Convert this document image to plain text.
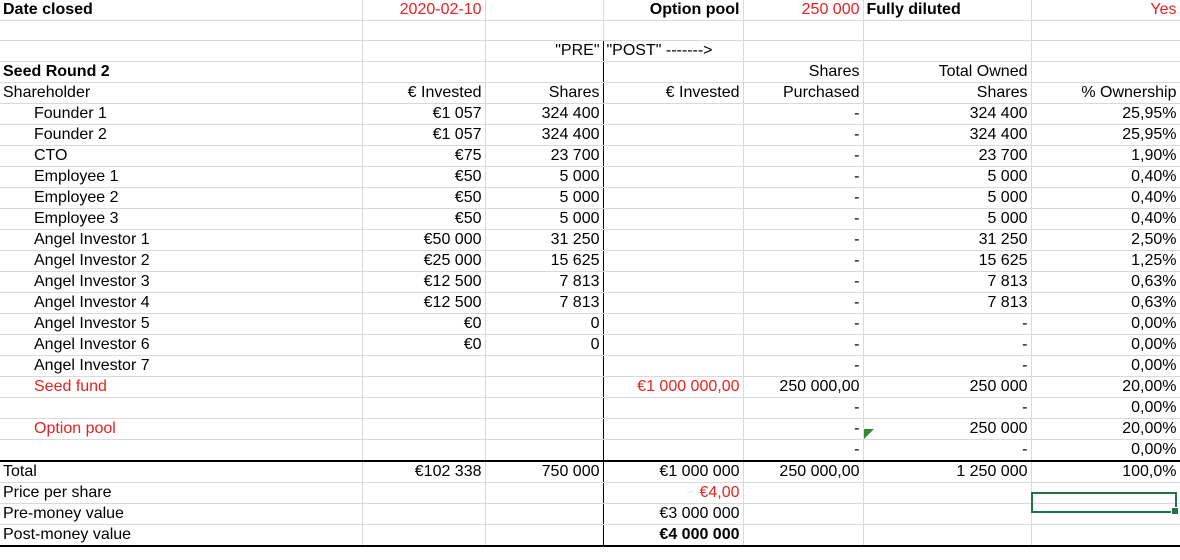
Date closed	2020-02-10		Option pool	250 000	Fully diluted	Yes

		"PRE"	"POST" ------->			
Seed Round 2				Shares	Total Owned	
Shareholder	€ Invested	Shares	€ Invested	Purchased	Shares	% Ownership
Founder 1	€1 057	324 400		-	324 400	25,95%
Founder 2	€1 057	324 400		-	324 400	25,95%
CTO	€75	23 700		-	23 700	1,90%
Employee 1	€50	5 000		-	5 000	0,40%
Employee 2	€50	5 000		-	5 000	0,40%
Employee 3	€50	5 000		-	5 000	0,40%
Angel Investor 1	€50 000	31 250		-	31 250	2,50%
Angel Investor 2	€25 000	15 625		-	15 625	1,25%
Angel Investor 3	€12 500	7 813		-	7 813	0,63%
Angel Investor 4	€12 500	7 813		-	7 813	0,63%
Angel Investor 5	€0	0		-	-	0,00%
Angel Investor 6	€0	0		-	-	0,00%
Angel Investor 7				-	-	0,00%
Seed fund			€1 000 000,00	250 000,00	250 000	20,00%
				-	-	0,00%
Option pool				-	250 000	20,00%
				-	-	0,00%
Total	€102 338	750 000	€1 000 000	250 000,00	1 250 000	100,0%
Price per share			€4,00			
Pre-money value			€3 000 000			
Post-money value			€4 000 000			
